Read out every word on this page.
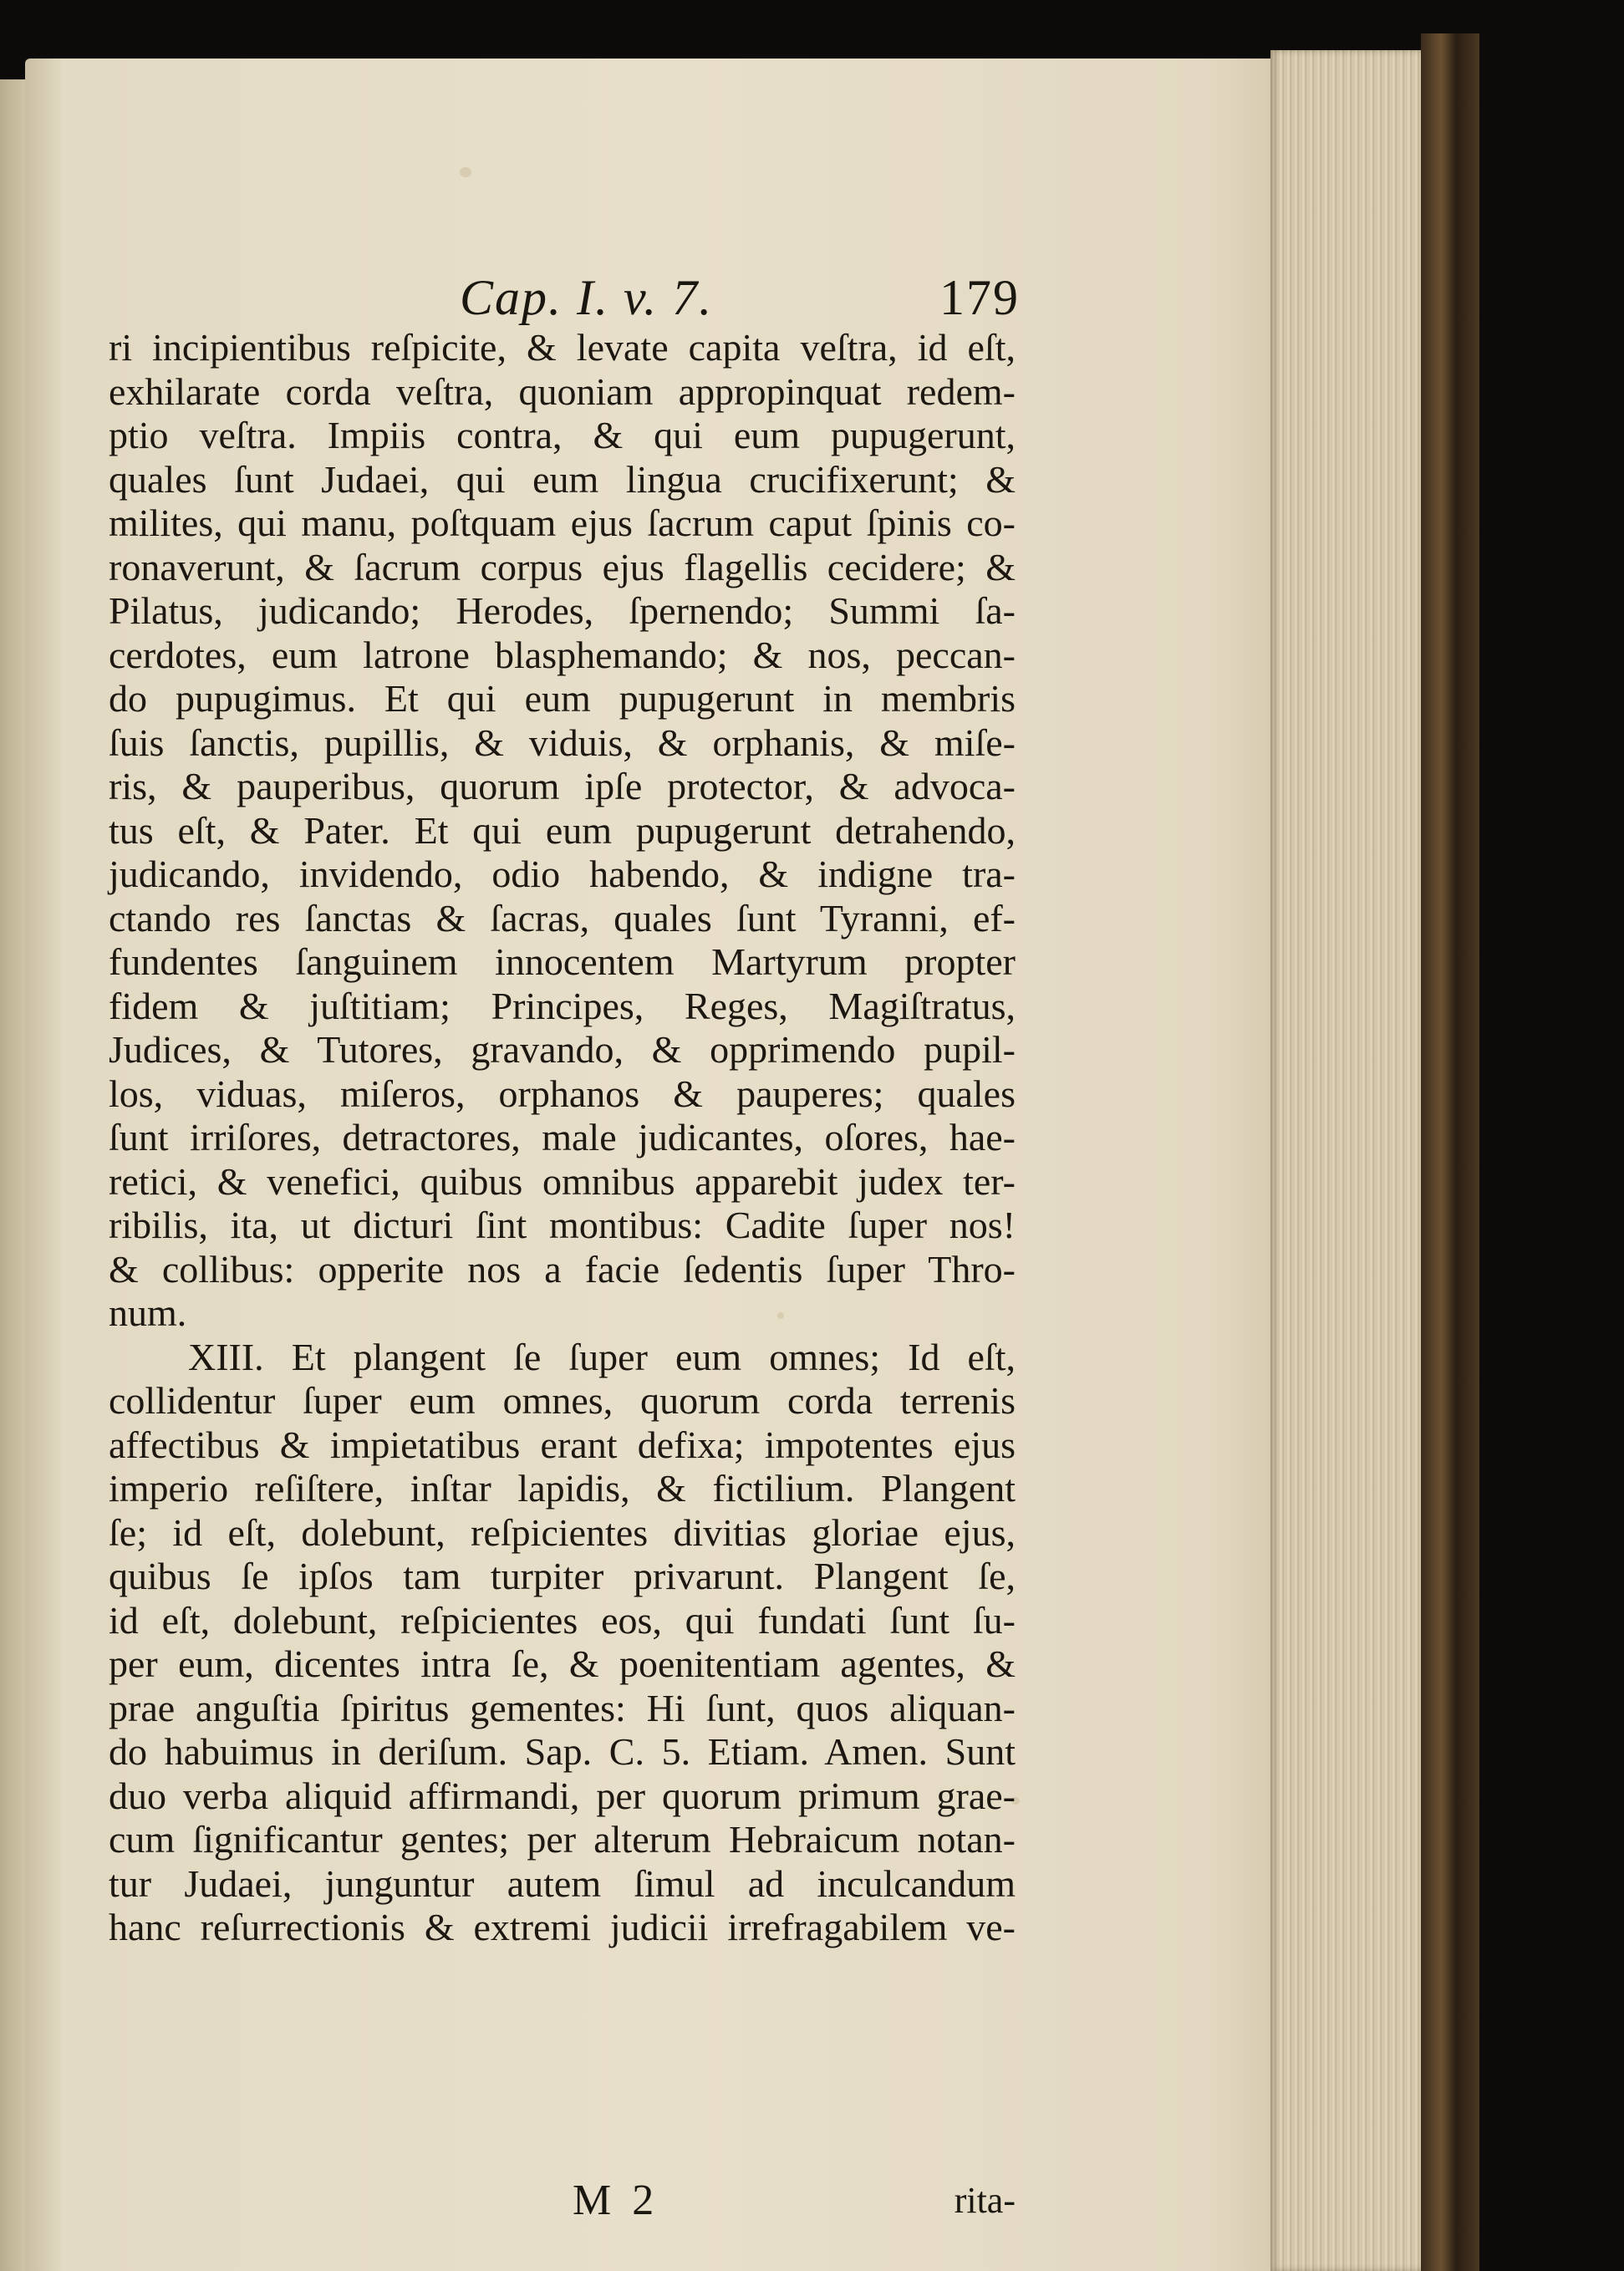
Cap. I. v. 7.	179

ri incipientibus reſpicite, & levate capita veſtra, id eſt,

exhilarate corda veſtra, quoniam appropinquat redem-

ptio veſtra. Impiis contra, & qui eum pupugerunt,

quales ſunt Judaei, qui eum lingua crucifixerunt; &

milites, qui manu, poſtquam ejus ſacrum caput ſpinis co-

ronaverunt, & ſacrum corpus ejus flagellis cecidere; &

Pilatus, judicando; Herodes, ſpernendo; Summi ſa-

cerdotes, eum latrone blasphemando; & nos, peccan-

do pupugimus. Et qui eum pupugerunt in membris

ſuis ſanctis, pupillis, & viduis, & orphanis, & miſe-

ris, & pauperibus, quorum ipſe protector, & advoca-

tus eſt, & Pater. Et qui eum pupugerunt detrahendo,

judicando, invidendo, odio habendo, & indigne tra-

ctando res ſanctas & ſacras, quales ſunt Tyranni, ef-

fundentes ſanguinem innocentem Martyrum propter

fidem & juſtitiam; Principes, Reges, Magiſtratus,

Judices, & Tutores, gravando, & opprimendo pupil-

los, viduas, miſeros, orphanos & pauperes; quales

ſunt irriſores, detractores, male judicantes, oſores, hae-

retici, & venefici, quibus omnibus apparebit judex ter-

ribilis, ita, ut dicturi ſint montibus: Cadite ſuper nos!

& collibus: opperite nos a facie ſedentis ſuper Thro-

num.

XIII. Et plangent ſe ſuper eum omnes; Id eſt,

collidentur ſuper eum omnes, quorum corda terrenis

affectibus & impietatibus erant defixa; impotentes ejus

imperio reſiſtere, inſtar lapidis, & fictilium. Plangent

ſe; id eſt, dolebunt, reſpicientes divitias gloriae ejus,

quibus ſe ipſos tam turpiter privarunt. Plangent ſe,

id eſt, dolebunt, reſpicientes eos, qui fundati ſunt ſu-

per eum, dicentes intra ſe, & poenitentiam agentes, &

prae anguſtia ſpiritus gementes: Hi ſunt, quos aliquan-

do habuimus in deriſum. Sap. C. 5. Etiam. Amen. Sunt

duo verba aliquid affirmandi, per quorum primum grae-

cum ſignificantur gentes; per alterum Hebraicum notan-

tur Judaei, junguntur autem ſimul ad inculcandum

hanc reſurrectionis & extremi judicii irrefragabilem ve-

M 2	rita-
